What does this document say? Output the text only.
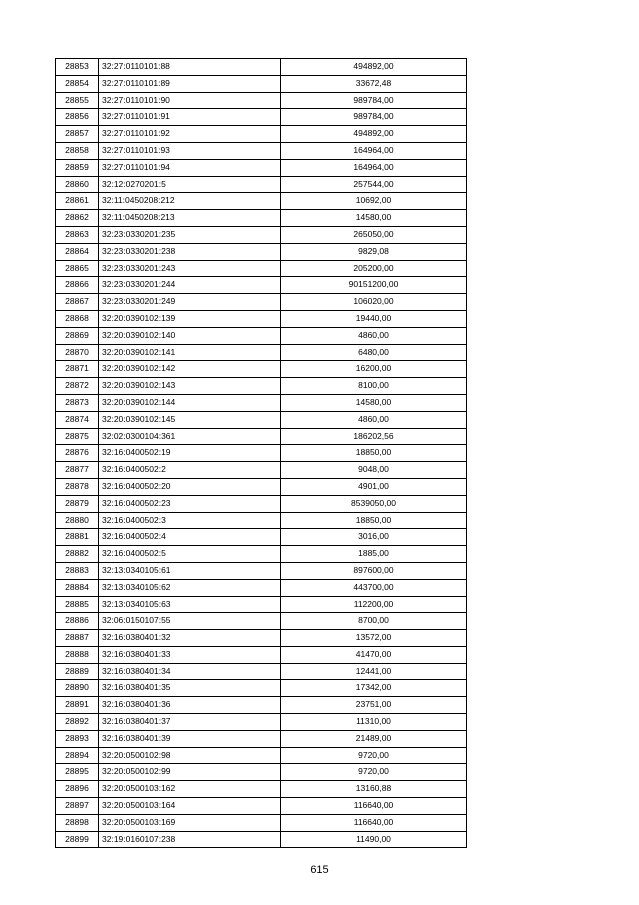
28853	32:27:0110101:88	494892,00
28854	32:27:0110101:89	33672,48
28855	32:27:0110101:90	989784,00
28856	32:27:0110101:91	989784,00
28857	32:27:0110101:92	494892,00
28858	32:27:0110101:93	164964,00
28859	32:27:0110101:94	164964,00
28860	32:12:0270201:5	257544,00
28861	32:11:0450208:212	10692,00
28862	32:11:0450208:213	14580,00
28863	32:23:0330201:235	265050,00
28864	32:23:0330201:238	9829,08
28865	32:23:0330201:243	205200,00
28866	32:23:0330201:244	90151200,00
28867	32:23:0330201:249	106020,00
28868	32:20:0390102:139	19440,00
28869	32:20:0390102:140	4860,00
28870	32:20:0390102:141	6480,00
28871	32:20:0390102:142	16200,00
28872	32:20:0390102:143	8100,00
28873	32:20:0390102:144	14580,00
28874	32:20:0390102:145	4860,00
28875	32:02:0300104:361	186202,56
28876	32:16:0400502:19	18850,00
28877	32:16:0400502:2	9048,00
28878	32:16:0400502:20	4901,00
28879	32:16:0400502:23	8539050,00
28880	32:16:0400502:3	18850,00
28881	32:16:0400502:4	3016,00
28882	32:16:0400502:5	1885,00
28883	32:13:0340105:61	897600,00
28884	32:13:0340105:62	443700,00
28885	32:13:0340105:63	112200,00
28886	32:06:0150107:55	8700,00
28887	32:16:0380401:32	13572,00
28888	32:16:0380401:33	41470,00
28889	32:16:0380401:34	12441,00
28890	32:16:0380401:35	17342,00
28891	32:16:0380401:36	23751,00
28892	32:16:0380401:37	11310,00
28893	32:16:0380401:39	21489,00
28894	32:20:0500102:98	9720,00
28895	32:20:0500102:99	9720,00
28896	32:20:0500103:162	13160,88
28897	32:20:0500103:164	116640,00
28898	32:20:0500103:169	116640,00
28899	32:19:0160107:238	11490,00
615
